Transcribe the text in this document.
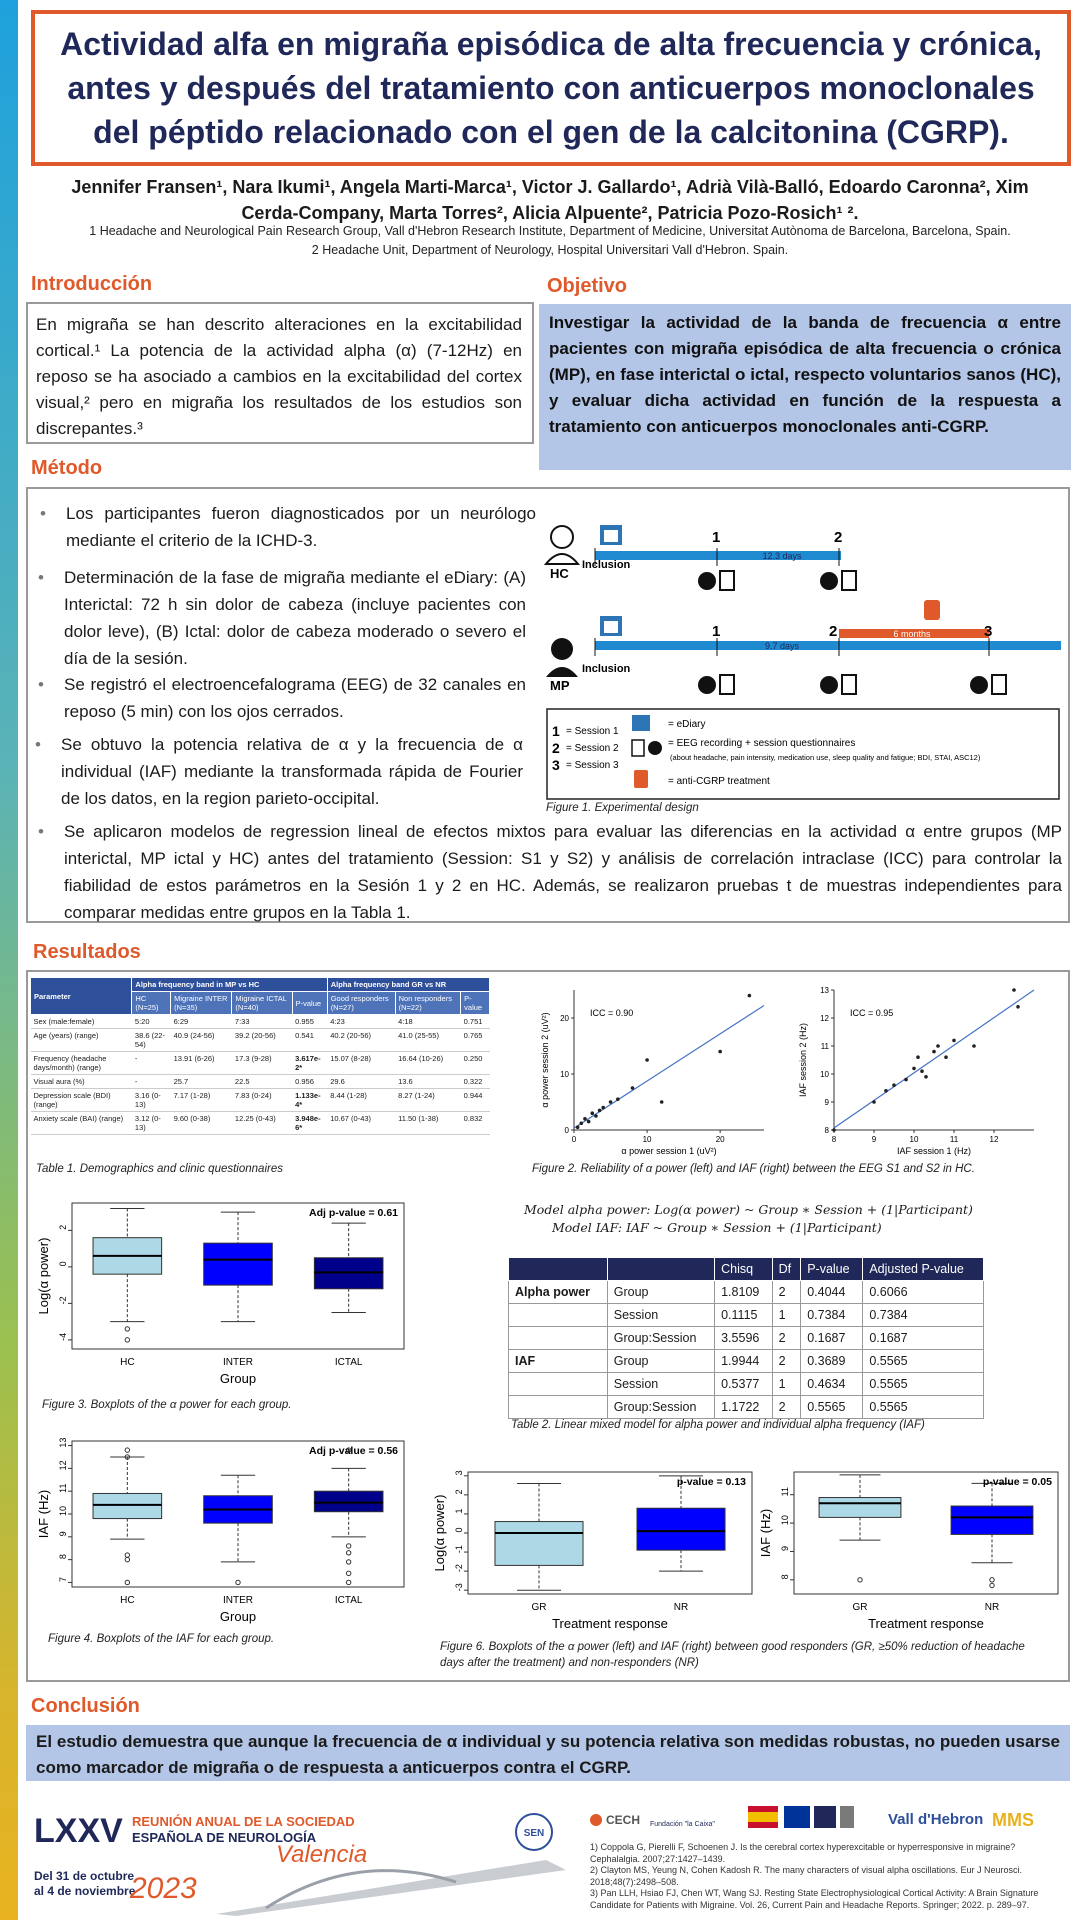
Actividad alfa en migraña episódica de alta frecuencia y crónica, antes y después del tratamiento con anticuerpos monoclonales del péptido relacionado con el gen de la calcitonina (CGRP).
Jennifer Fransen¹, Nara Ikumi¹, Angela Marti-Marca¹, Victor J. Gallardo¹, Adrià Vilà-Balló, Edoardo Caronna², Xim
Cerda-Company, Marta Torres², Alicia Alpuente², Patricia Pozo-Rosich¹ ².
1 Headache and Neurological Pain Research Group, Vall d'Hebron Research Institute, Department of Medicine, Universitat Autònoma de Barcelona, Barcelona, Spain.
2 Headache Unit, Department of Neurology, Hospital Universitari Vall d'Hebron. Spain.
Introducción
En migraña se han descrito alteraciones en la excitabilidad cortical.¹ La potencia de la actividad alpha (α) (7-12Hz) en reposo se ha asociado a cambios en la excitabilidad del cortex visual,² pero en migraña los resultados de los estudios son discrepantes.³
Objetivo
Investigar la actividad de la banda de frecuencia α entre pacientes con migraña episódica de alta frecuencia o crónica (MP), en fase interictal o ictal, respecto voluntarios sanos (HC), y evaluar dicha actividad en función de la respuesta a tratamiento con anticuerpos monoclonales anti-CGRP.
Método
• Los participantes fueron diagnosticados por un neurólogo mediante el criterio de la ICHD-3.
• Determinación de la fase de migraña mediante el eDiary: (A) Interictal: 72 h sin dolor de cabeza (incluye pacientes con dolor leve), (B) Ictal: dolor de cabeza moderado o severo el día de la sesión.
• Se registró el electroencefalograma (EEG) de 32 canales en reposo (5 min) con los ojos cerrados.
• Se obtuvo la potencia relativa de α y la frecuencia de α individual (IAF) mediante la transformada rápida de Fourier de los datos, en la region parieto-occipital.
• Se aplicaron modelos de regression lineal de efectos mixtos para evaluar las diferencias en la actividad α entre grupos (MP interictal, MP ictal y HC) antes del tratamiento (Session: S1 y S2) y análisis de correlación intraclase (ICC) para controlar la fiabilidad de estos parámetros en la Sesión 1 y 2 en HC. Además, se realizaron pruebas t de muestras independientes para comparar medidas entre grupos en la Tabla 1.
HC
1	2
12.3 days
Inclusion
MP
6 months
1	2	3
9.7 days
Inclusion
1
2
3
= Session 1
= Session 2
= Session 3
= eDiary
= EEG recording + session questionnaires
(about headache, pain intensity, medication use, sleep quality and fatigue; BDI, STAI, ASC12)
= anti-CGRP treatment
Figure 1. Experimental design
Resultados
Parameter	Alpha frequency band in MP vs HC				Alpha frequency band GR vs NR		
	HC (N=25)	Migraine INTER (N=35)	Migraine ICTAL (N=40)	P-value	Good responders (N=27)	Non responders (N=22)	P-value
Sex (male:female)	5:20	6:29	7:33	0.955	4:23	4:18	0.751
Age (years) (range)	38.6 (22-54)	40.9 (24-56)	39.2 (20-56)	0.541	40.2 (20-56)	41.0 (25-55)	0.765
Frequency (headache days/month) (range)	-	13.91 (6-26)	17.3 (9-28)	3.617e-2*	15.07 (8-28)	16.64 (10-26)	0.250
Visual aura (%)	-	25.7	22.5	0.956	29.6	13.6	0.322
Depression scale (BDI) (range)	3.16 (0-13)	7.17 (1-28)	7.83 (0-24)	1.133e-4*	8.44 (1-28)	8.27 (1-24)	0.944
Anxiety scale (BAI) (range)	3.12 (0-13)	9.60 (0-38)	12.25 (0-43)	3.948e-6*	10.67 (0-43)	11.50 (1-38)	0.832
Table 1. Demographics and clinic questionnaires
0	10	20
0
10
20
ICC = 0.90
α power session 1 (uV²)
α power session 2 (uV²)
8	9	10	11	12
8
9
10
11
12
13
ICC = 0.95
IAF session 1 (Hz)
IAF session 2 (Hz)
Figure 2. Reliability of α power (left) and IAF (right) between the EEG S1 and S2 in HC.
Model alpha power: Log(α power) ~ Group ∗ Session + (1|Participant)
Model IAF: IAF ~ Group ∗ Session + (1|Participant)
		Chisq	Df	P-value	Adjusted P-value
Alpha power	Group	1.8109	2	0.4044	0.6066
	Session	0.1115	1	0.7384	0.7384
	Group:Session	3.5596	2	0.1687	0.1687
IAF	Group	1.9944	2	0.3689	0.5565
	Session	0.5377	1	0.4634	0.5565
	Group:Session	1.1722	2	0.5565	0.5565
Table 2. Linear mixed model for alpha power and individual alpha frequency (IAF)
-4
-2
0
2
HC	INTER	ICTAL
Group
Log(α power)
Adj p-value = 0.61
Figure 3. Boxplots of the α power for each group.
7
8
9
10
11
12
13
HC	INTER	ICTAL
Group
IAF (Hz)
Adj p-value = 0.56
Figure 4. Boxplots of the IAF for each group.
-3
-2
-1
0
1
2
3
GR	NR
Treatment response
Log(α power)
p-value = 0.13
8
9
10
11
GR	NR
Treatment response
IAF (Hz)
p-value = 0.05
Figure 6. Boxplots of the α power (left) and IAF (right) between good responders (GR, ≥50% reduction of headache
days after the treatment) and non-responders (NR)
Conclusión
El estudio demuestra que aunque la frecuencia de α individual y su potencia relativa son medidas robustas, no pueden usarse como marcador de migraña o de respuesta a anticuerpos contra el CGRP.
LXXV REUNIÓN ANUAL DE LA SOCIEDAD
ESPAÑOLA DE NEUROLOGÍA
Del 31 de octubre
al 4 de noviembre
2023
Valencia
SEN
CECH Fundación "la Caixa"	Vall d'Hebron MMS
1) Coppola G, Pierelli F, Schoenen J. Is the cerebral cortex hyperexcitable or hyperresponsive in migraine? Cephalalgia. 2007;27:1427–1439.
2) Clayton MS, Yeung N, Cohen Kadosh R. The many characters of visual alpha oscillations. Eur J Neurosci. 2018;48(7):2498–508.
3) Pan LLH, Hsiao FJ, Chen WT, Wang SJ. Resting State Electrophysiological Cortical Activity: A Brain Signature Candidate for Patients with Migraine. Vol. 26, Current Pain and Headache Reports. Springer; 2022. p. 289–97.
